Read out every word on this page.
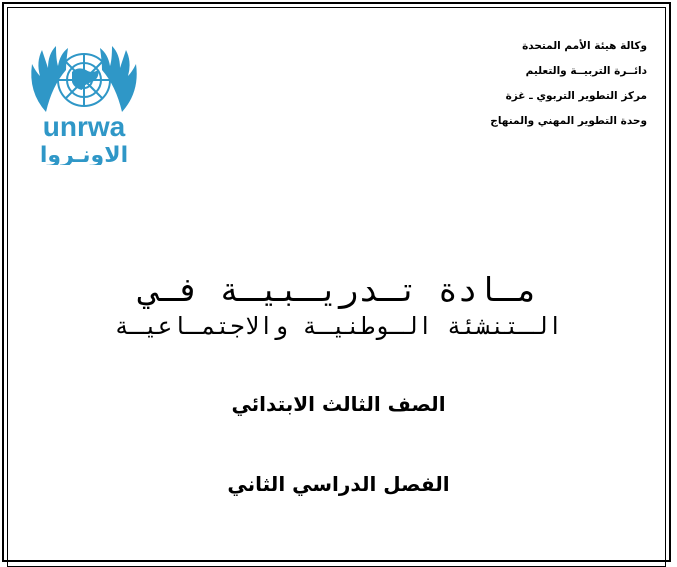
وكالة هيئة الأمم المتحدة
دائــرة التربيــة والتعليم
مركز التطوير التربوي ـ غزة
وحدة التطوير المهني والمنهاج
unrwa
الاونـروا
مـادة تـدريـبيـة فـي
الـتنشئة الـوطنيـة والاجتمـاعيـة
الصف الثالث الابتدائي
الفصل الدراسي الثاني
